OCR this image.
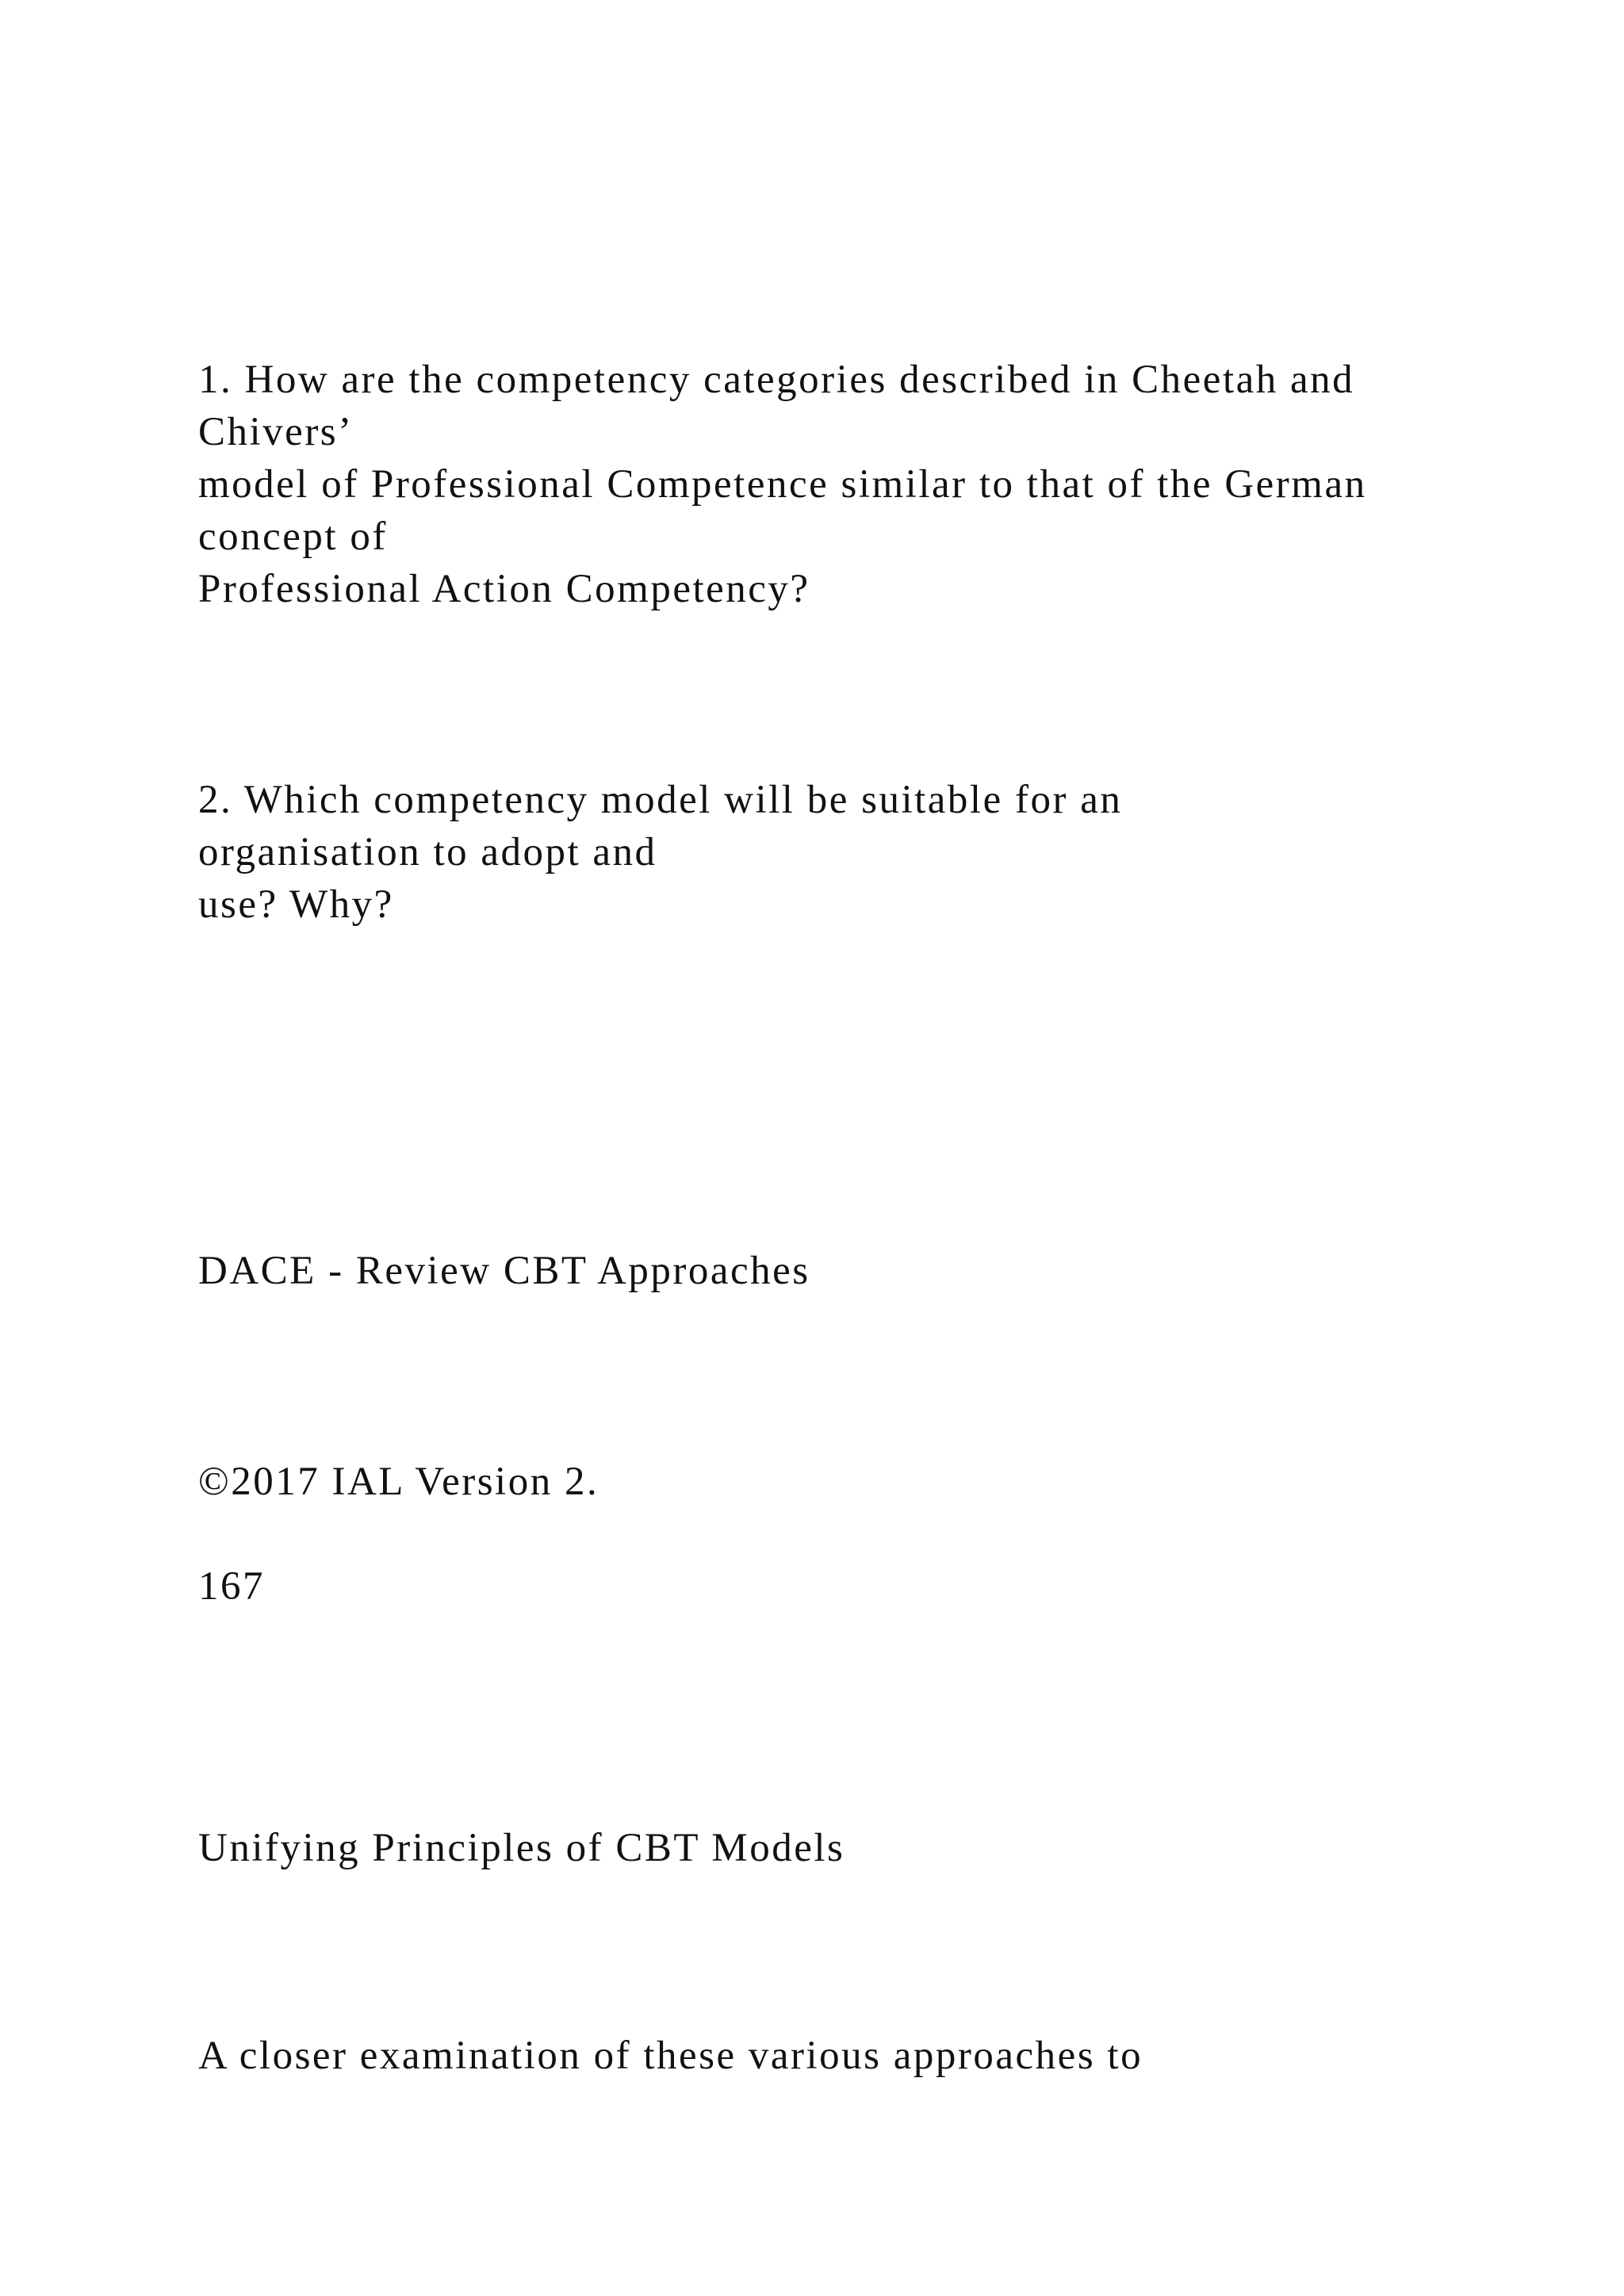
1. How are the competency categories described in Cheetah and

Chivers’

model of Professional Competence similar to that of the German

concept of

Professional Action Competency?

2. Which competency model will be suitable for an

organisation to adopt and

use? Why?

DACE - Review CBT Approaches

©2017 IAL Version 2.

167

Unifying Principles of CBT Models

A closer examination of these various approaches to
